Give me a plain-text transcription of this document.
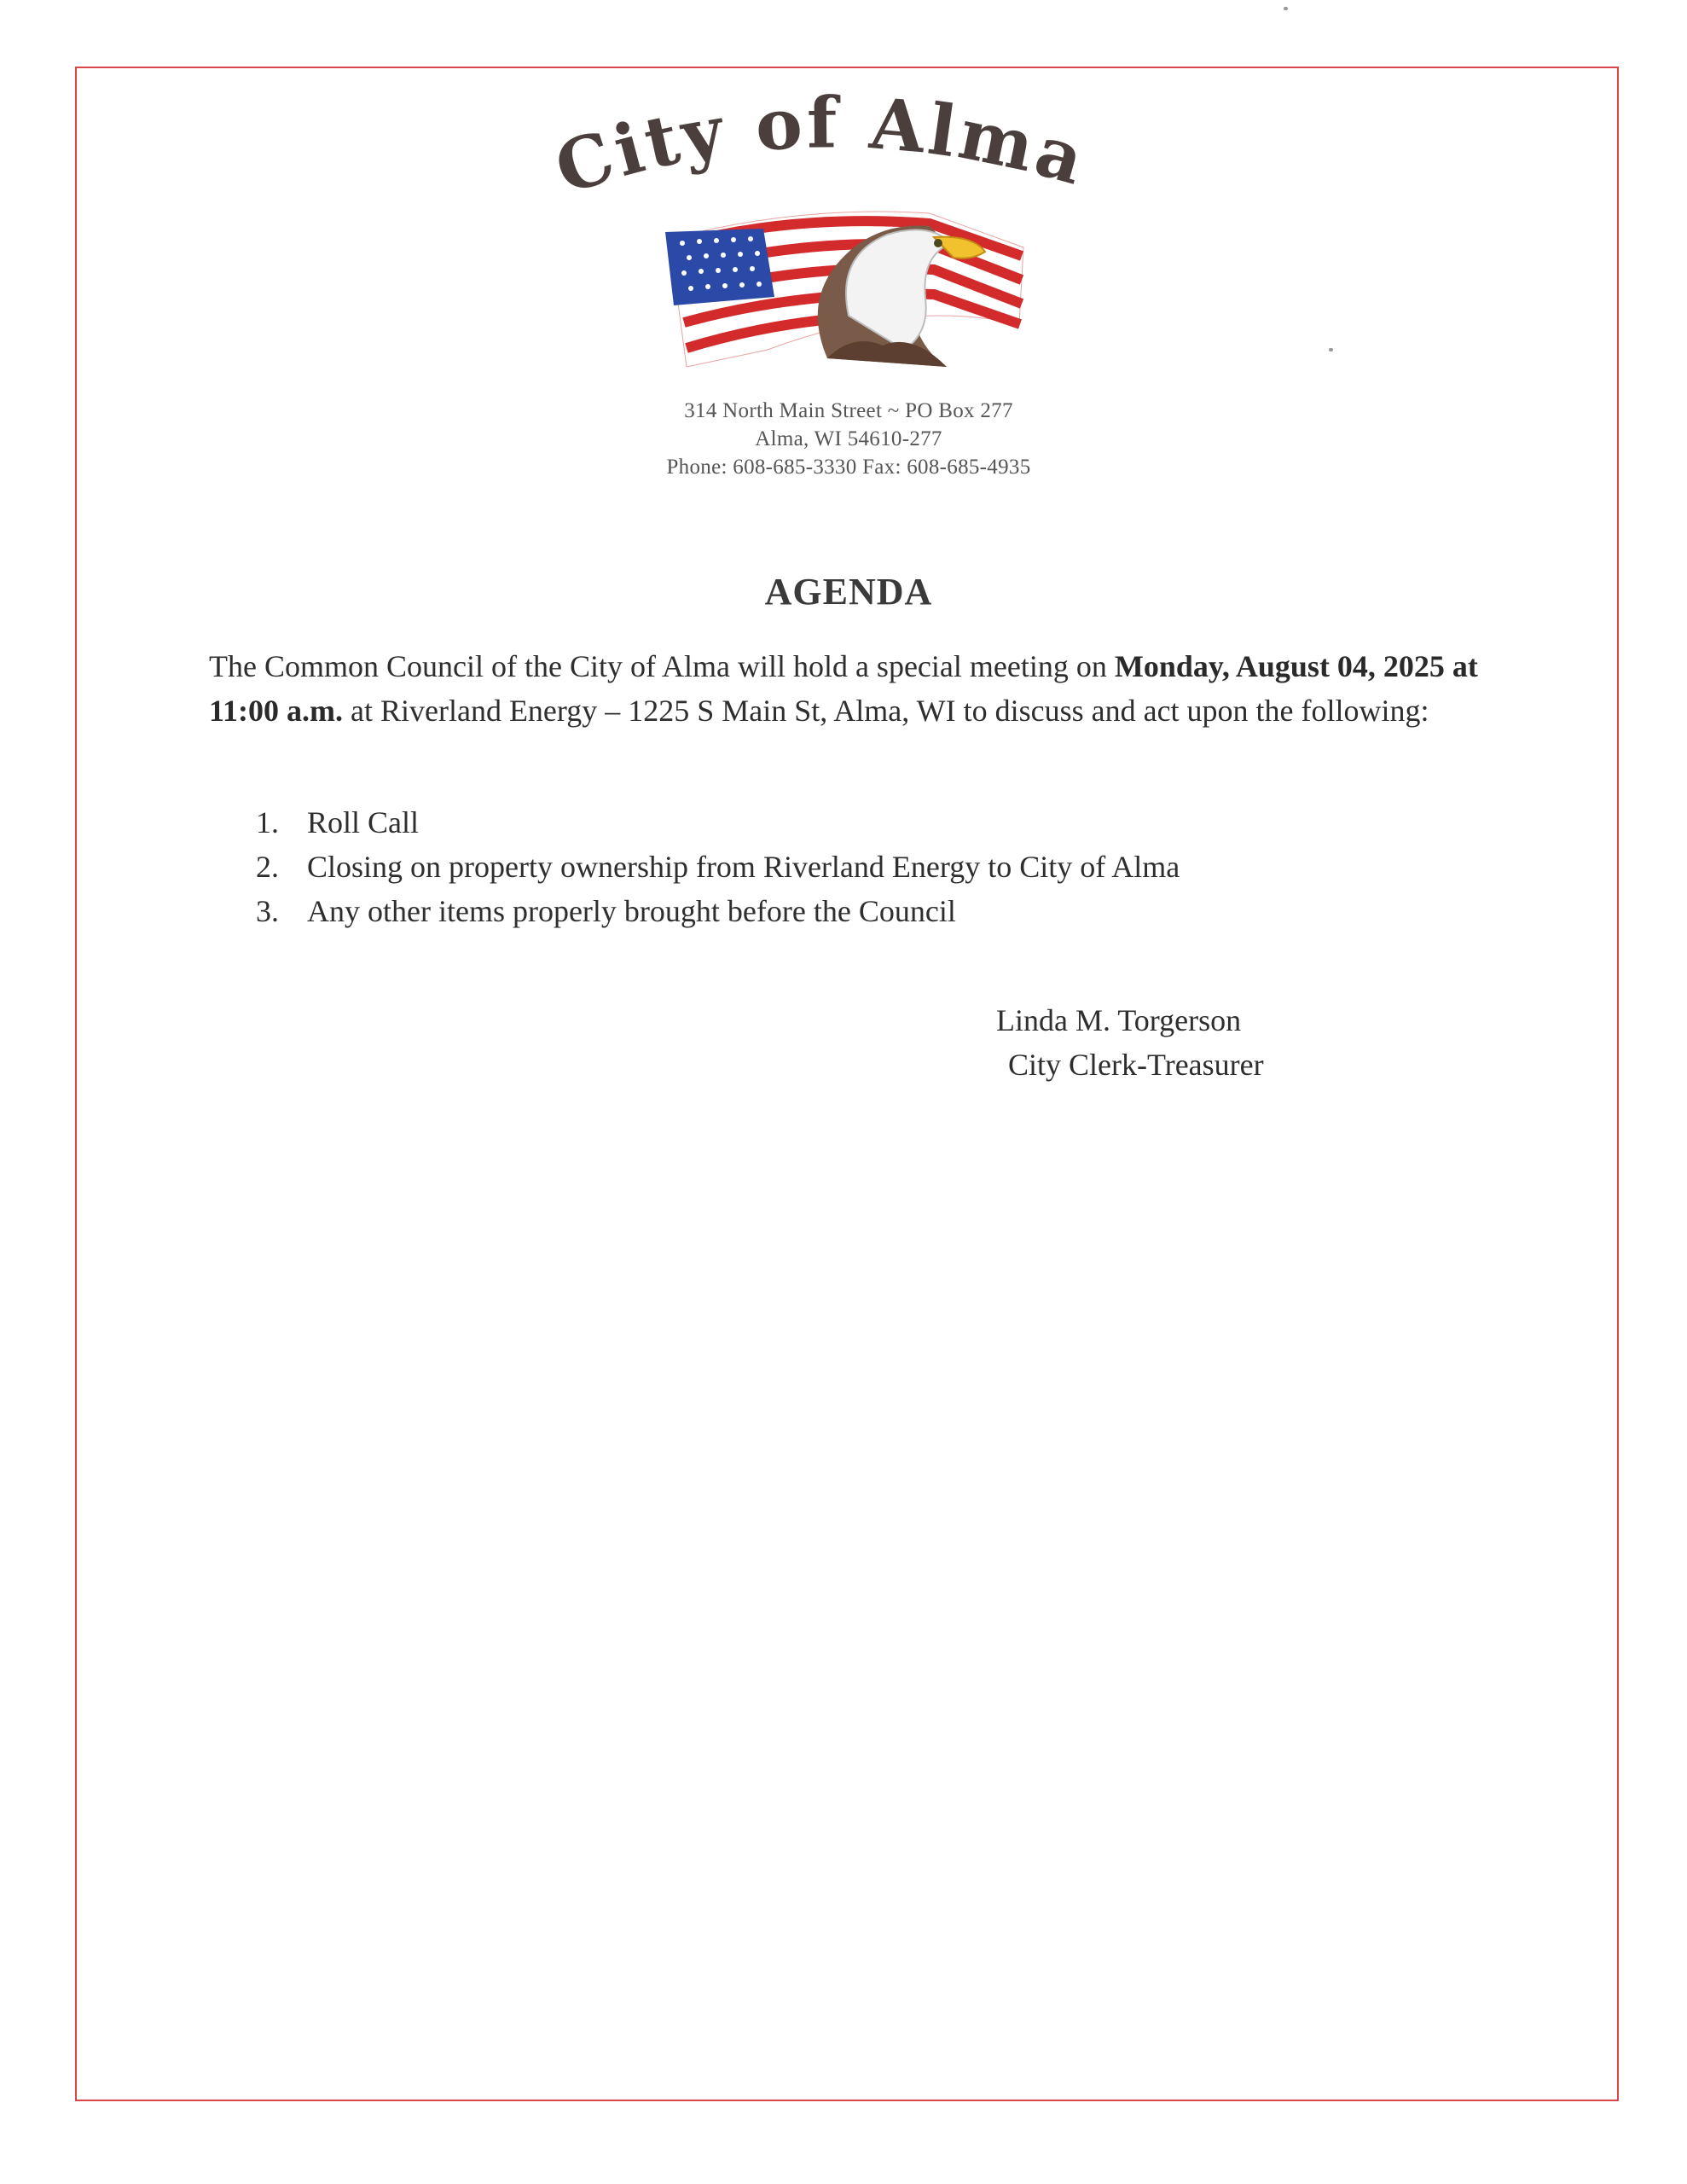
City of Alma
314 North Main Street ~ PO Box 277
Alma, WI 54610-277
Phone: 608-685-3330 Fax: 608-685-4935
AGENDA
The Common Council of the City of Alma will hold a special meeting on Monday, August 04, 2025 at 11:00 a.m. at Riverland Energy – 1225 S Main St, Alma, WI to discuss and act upon the following:
1. Roll Call
2. Closing on property ownership from Riverland Energy to City of Alma
3. Any other items properly brought before the Council
Linda M. Torgerson
City Clerk-Treasurer
